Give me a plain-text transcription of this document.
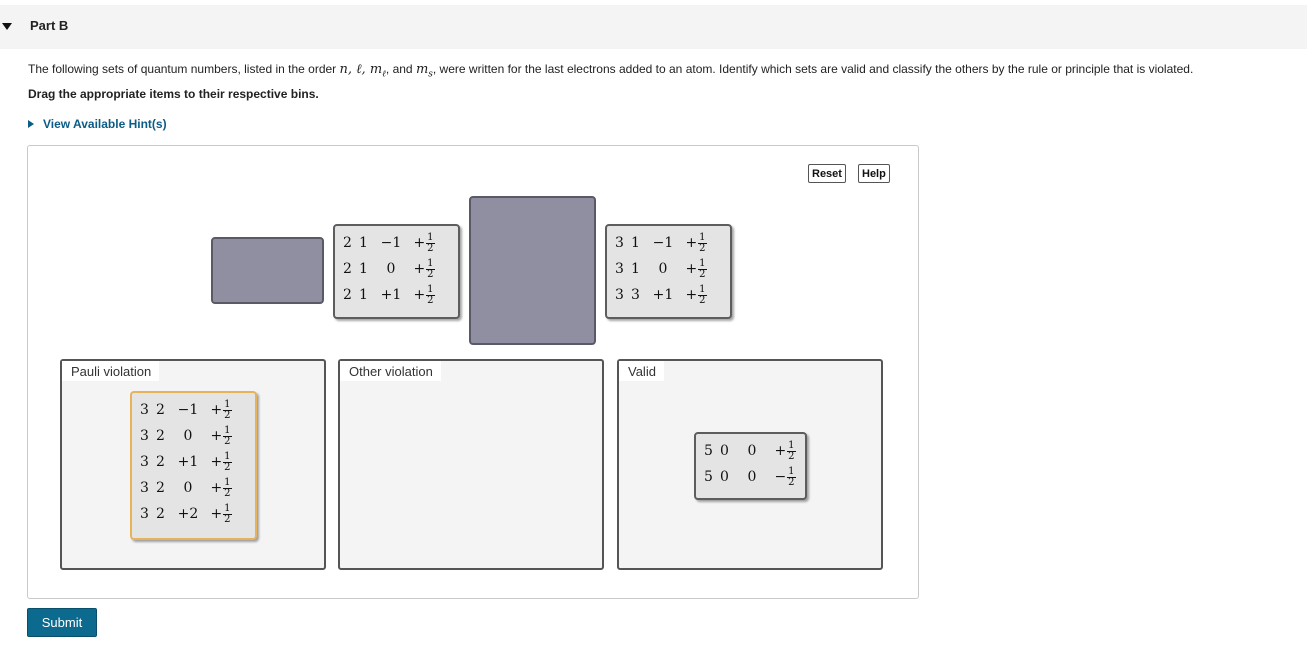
Part B
The following sets of quantum numbers, listed in the order n, ℓ, $m_\ell$, and $m_s$, were written for the last electrons added to an atom. Identify which sets are valid and classify the others by the rule or principle that is violated.
Drag the appropriate items to their respective bins.
View Available Hint(s)
Reset	Help
2 $1 -1 + \frac{1}{2}$
2 1	0	+ $\frac{1}{2}$
2 $1 +1 + \frac{1}{2}$
3 $1 -1 + \frac{1}{2}$
3 1	0	+ $\frac{1}{2}$
3 $3 +1 + \frac{1}{2}$
Pauli violation
3 $2 -1 + \frac{1}{2}$
3 2	0	+ $\frac{1}{2}$
3 $2 +1 + \frac{1}{2}$
3 2	0	+ $\frac{1}{2}$
3 $2 +2 + \frac{1}{2}$
Other violation	Valid
5 0	0	+ $\frac{1}{2}$
5 0	0	− $\frac{1}{2}$
Submit
